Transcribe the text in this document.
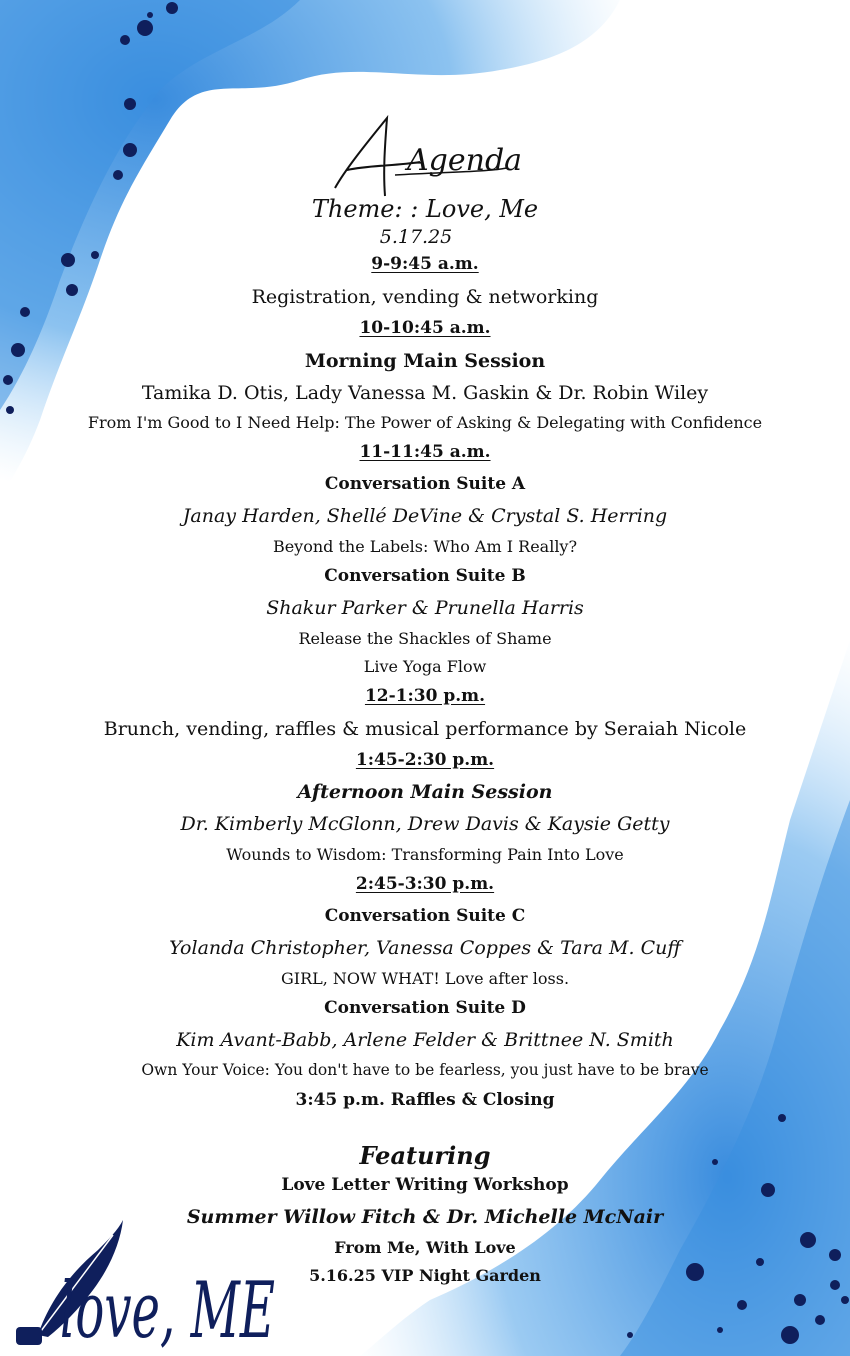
Agenda
Theme: : Love, Me
5.17.25
9-9:45 a.m.
Registration, vending & networking
10-10:45 a.m.
Morning Main Session
Tamika D. Otis, Lady Vanessa M. Gaskin & Dr. Robin Wiley
From I'm Good to I Need Help: The Power of Asking & Delegating with Confidence
11-11:45 a.m.
Conversation Suite A
Janay Harden, Shellé DeVine & Crystal S. Herring
Beyond the Labels: Who Am I Really?
Conversation Suite B
Shakur Parker & Prunella Harris
Release the Shackles of Shame
Live Yoga Flow
12-1:30 p.m.
Brunch, vending, raffles & musical performance by Seraiah Nicole
1:45-2:30 p.m.
Afternoon Main Session
Dr. Kimberly McGlonn, Drew Davis & Kaysie Getty
Wounds to Wisdom: Transforming Pain Into Love
2:45-3:30 p.m.
Conversation Suite C
Yolanda Christopher, Vanessa Coppes & Tara M. Cuff
GIRL, NOW WHAT! Love after loss.
Conversation Suite D
Kim Avant-Babb, Arlene Felder & Brittnee N. Smith
Own Your Voice: You don't have to be fearless, you just have to be brave
3:45 p.m. Raffles & Closing
Featuring
Love Letter Writing Workshop
Summer Willow Fitch & Dr. Michelle McNair
From Me, With Love
5.16.25 VIP Night Garden
love, ME
